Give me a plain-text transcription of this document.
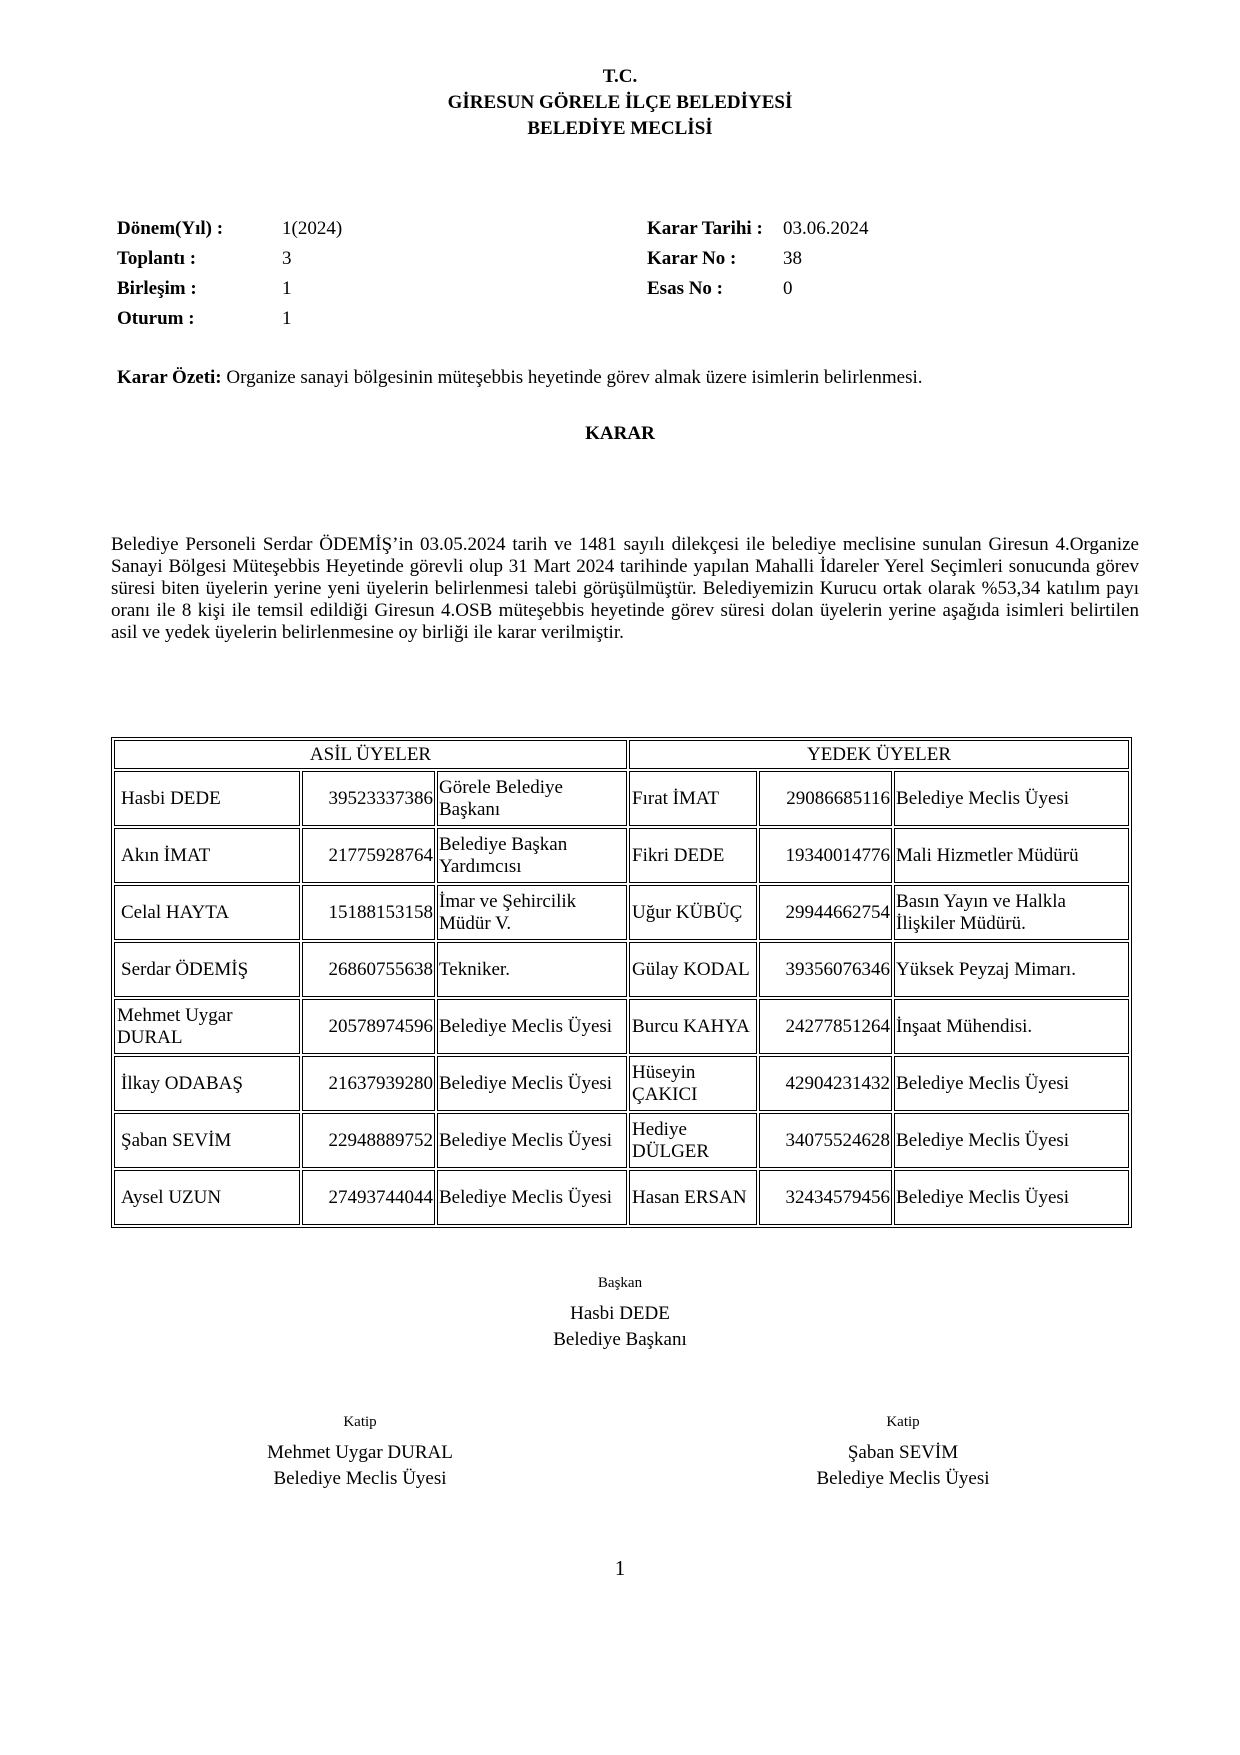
T.C.
GİRESUN GÖRELE İLÇE BELEDİYESİ
BELEDİYE MECLİSİ
Dönem(Yıl) :	1(2024)
Toplantı :	3
Birleşim :	1
Oturum :	1
Karar Tarihi :	03.06.2024
Karar No :	38
Esas No :	0
Karar Özeti: Organize sanayi bölgesinin müteşebbis heyetinde görev almak üzere isimlerin belirlenmesi.
KARAR

Belediye Personeli Serdar ÖDEMİŞ’in 03.05.2024 tarih ve 1481 sayılı dilekçesi ile belediye meclisine sunulan Giresun 4.Organize Sanayi Bölgesi Müteşebbis Heyetinde görevli olup 31 Mart 2024 tarihinde yapılan Mahalli İdareler Yerel Seçimleri sonucunda görev süresi biten üyelerin yerine yeni üyelerin belirlenmesi talebi görüşülmüştür. Belediyemizin Kurucu ortak olarak %53,34 katılım payı oranı ile 8 kişi ile temsil edildiği Giresun 4.OSB müteşebbis heyetinde görev süresi dolan üyelerin yerine aşağıda isimleri belirtilen asil ve yedek üyelerin belirlenmesine oy birliği ile karar verilmiştir.

ASİL ÜYELER			YEDEK ÜYELER		
Hasbi DEDE	39523337386	Görele Belediye Başkanı	Fırat İMAT	29086685116	Belediye Meclis Üyesi
Akın İMAT	21775928764	Belediye Başkan Yardımcısı	Fikri DEDE	19340014776	Mali Hizmetler Müdürü
Celal HAYTA	15188153158	İmar ve Şehircilik Müdür V.	Uğur KÜBÜÇ	29944662754	Basın Yayın ve Halkla İlişkiler Müdürü.
Serdar ÖDEMİŞ	26860755638	Tekniker.	Gülay KODAL	39356076346	Yüksek Peyzaj Mimarı.
Mehmet Uygar DURAL	20578974596	Belediye Meclis Üyesi	Burcu KAHYA	24277851264	İnşaat Mühendisi.
İlkay ODABAŞ	21637939280	Belediye Meclis Üyesi	Hüseyin ÇAKICI	42904231432	Belediye Meclis Üyesi
Şaban SEVİM	22948889752	Belediye Meclis Üyesi	Hediye DÜLGER	34075524628	Belediye Meclis Üyesi
Aysel UZUN	27493744044	Belediye Meclis Üyesi	Hasan ERSAN	32434579456	Belediye Meclis Üyesi
Başkan
Hasbi DEDE
Belediye Başkanı
Katip
Mehmet Uygar DURAL
Belediye Meclis Üyesi
Katip
Şaban SEVİM
Belediye Meclis Üyesi
1
